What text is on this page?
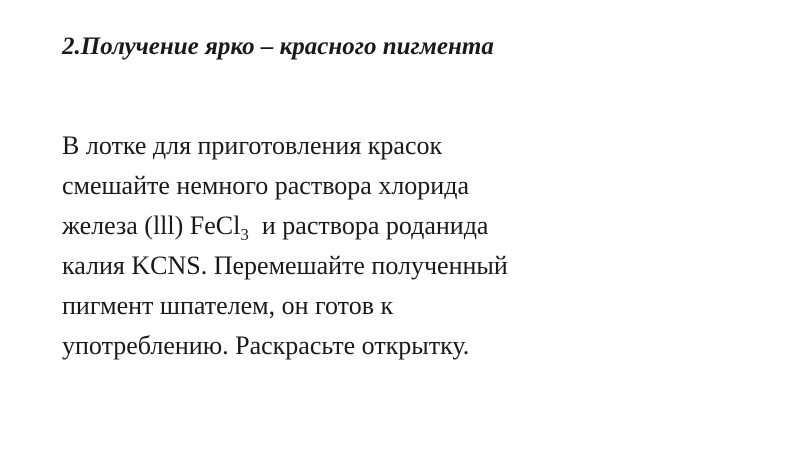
2.Получение ярко – красного пигмента
В лотке для приготовления красок
смешайте немного раствора хлорида
железа (lll) FeCl$_3$  и раствора роданида
калия KCNS. Перемешайте полученный
пигмент шпателем, он готов к
употреблению. Раскрасьте открытку.
